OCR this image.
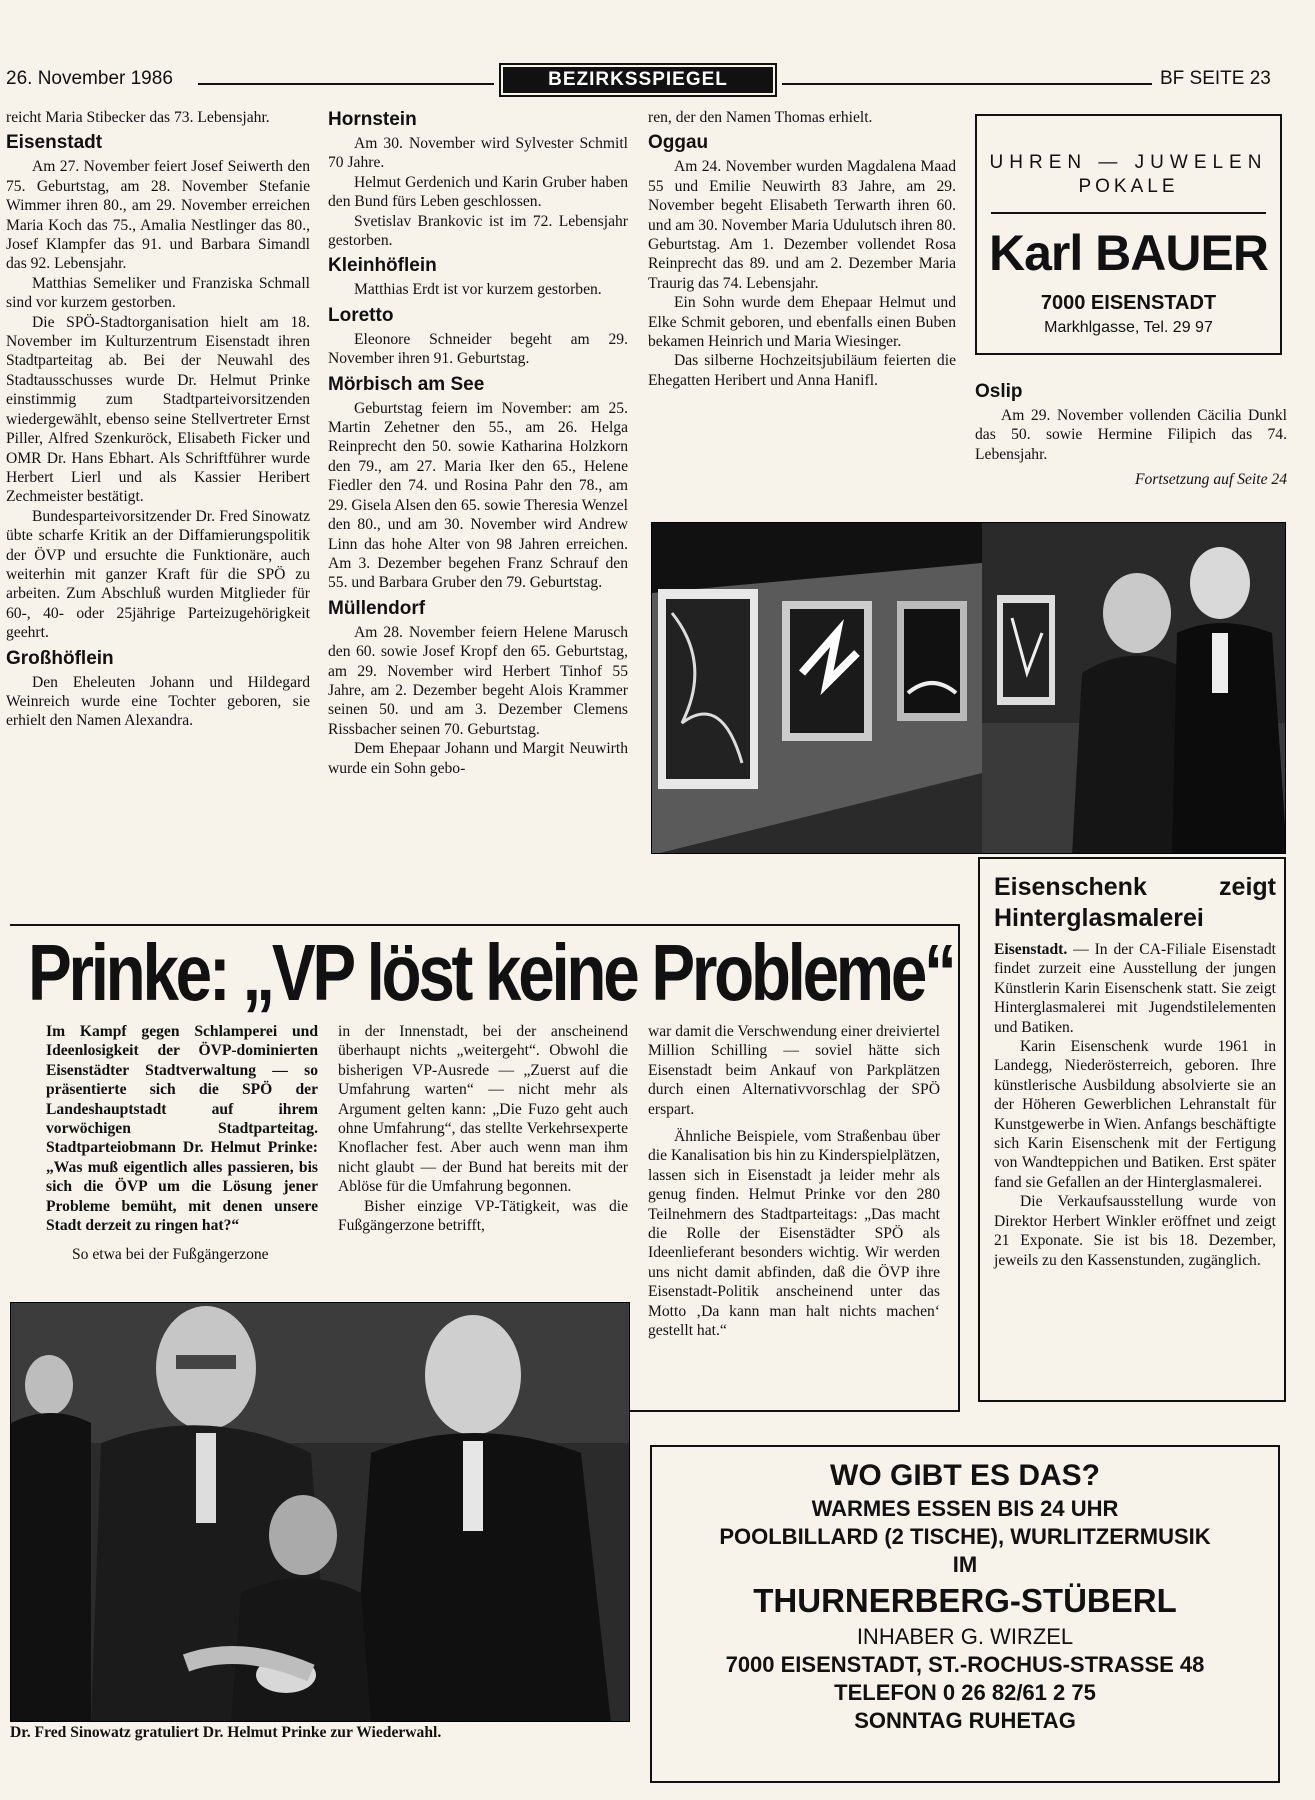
26. November 1986	BEZIRKSSPIEGEL	BF SEITE 23

reicht Maria Stibecker das 73. Lebensjahr.

Eisenstadt

Am 27. November feiert Josef Seiwerth den 75. Geburtstag, am 28. November Stefanie Wimmer ihren 80., am 29. November erreichen Maria Koch das 75., Amalia Nestlinger das 80., Josef Klampfer das 91. und Barbara Simandl das 92. Lebensjahr.

Matthias Semeliker und Franziska Schmall sind vor kurzem gestorben.

Die SPÖ-Stadtorganisation hielt am 18. November im Kulturzentrum Eisenstadt ihren Stadtparteitag ab. Bei der Neuwahl des Stadtausschusses wurde Dr. Helmut Prinke einstimmig zum Stadtparteivorsitzenden wiedergewählt, ebenso seine Stellvertreter Ernst Piller, Alfred Szenkuröck, Elisabeth Ficker und OMR Dr. Hans Ebhart. Als Schriftführer wurde Herbert Lierl und als Kassier Heribert Zechmeister bestätigt.

Bundesparteivorsitzender Dr. Fred Sinowatz übte scharfe Kritik an der Diffamierungspolitik der ÖVP und ersuchte die Funktionäre, auch weiterhin mit ganzer Kraft für die SPÖ zu arbeiten. Zum Abschluß wurden Mitglieder für 60-, 40- oder 25jährige Parteizugehörigkeit geehrt.

Großhöflein

Den Eheleuten Johann und Hildegard Weinreich wurde eine Tochter geboren, sie erhielt den Namen Alexandra.

Hornstein

Am 30. November wird Sylvester Schmitl 70 Jahre.

Helmut Gerdenich und Karin Gruber haben den Bund fürs Leben geschlossen.

Svetislav Brankovic ist im 72. Lebensjahr gestorben.

Kleinhöflein

Matthias Erdt ist vor kurzem gestorben.

Loretto

Eleonore Schneider begeht am 29. November ihren 91. Geburtstag.

Mörbisch am See

Geburtstag feiern im November: am 25. Martin Zehetner den 55., am 26. Helga Reinprecht den 50. sowie Katharina Holzkorn den 79., am 27. Maria Iker den 65., Helene Fiedler den 74. und Rosina Pahr den 78., am 29. Gisela Alsen den 65. sowie Theresia Wenzel den 80., und am 30. November wird Andrew Linn das hohe Alter von 98 Jahren erreichen. Am 3. Dezember begehen Franz Schrauf den 55. und Barbara Gruber den 79. Geburtstag.

Müllendorf

Am 28. November feiern Helene Marusch den 60. sowie Josef Kropf den 65. Geburtstag, am 29. November wird Herbert Tinhof 55 Jahre, am 2. Dezember begeht Alois Krammer seinen 50. und am 3. Dezember Clemens Rissbacher seinen 70. Geburtstag.

Dem Ehepaar Johann und Margit Neuwirth wurde ein Sohn gebo-

ren, der den Namen Thomas erhielt.

Oggau

Am 24. November wurden Magdalena Maad 55 und Emilie Neuwirth 83 Jahre, am 29. November begeht Elisabeth Terwarth ihren 60. und am 30. November Maria Udulutsch ihren 80. Geburtstag. Am 1. Dezember vollendet Rosa Reinprecht das 89. und am 2. Dezember Maria Traurig das 74. Lebensjahr.

Ein Sohn wurde dem Ehepaar Helmut und Elke Schmit geboren, und ebenfalls einen Buben bekamen Heinrich und Maria Wiesinger.

Das silberne Hochzeitsjubiläum feierten die Ehegatten Heribert und Anna Hanifl.

UHREN — JUWELEN
POKALE
Karl BAUER
7000 EISENSTADT
Markhlgasse, Tel. 29 97
Oslip

Am 29. November vollenden Cäcilia Dunkl das 50. sowie Hermine Filipich das 74. Lebensjahr.

Fortsetzung auf Seite 24

Prinke: „VP löst keine Probleme“

Im Kampf gegen Schlamperei und Ideenlosigkeit der ÖVP-dominierten Eisenstädter Stadtverwaltung — so präsentierte sich die SPÖ der Landeshauptstadt auf ihrem vorwöchigen Stadtparteitag. Stadtparteiobmann Dr. Helmut Prinke: „Was muß eigentlich alles passieren, bis sich die ÖVP um die Lösung jener Probleme bemüht, mit denen unsere Stadt derzeit zu ringen hat?“

So etwa bei der Fußgängerzone

in der Innenstadt, bei der anscheinend überhaupt nichts „weitergeht“. Obwohl die bisherigen VP-Ausrede — „Zuerst auf die Umfahrung warten“ — nicht mehr als Argument gelten kann: „Die Fuzo geht auch ohne Umfahrung“, das stellte Verkehrsexperte Knoflacher fest. Aber auch wenn man ihm nicht glaubt — der Bund hat bereits mit der Ablöse für die Umfahrung begonnen.

Bisher einzige VP-Tätigkeit, was die Fußgängerzone betrifft,

war damit die Verschwendung einer dreiviertel Million Schilling — soviel hätte sich Eisenstadt beim Ankauf von Parkplätzen durch einen Alternativvorschlag der SPÖ erspart.

Ähnliche Beispiele, vom Straßenbau über die Kanalisation bis hin zu Kinderspielplätzen, lassen sich in Eisenstadt ja leider mehr als genug finden. Helmut Prinke vor den 280 Teilnehmern des Stadtparteitags: „Das macht die Rolle der Eisenstädter SPÖ als Ideenlieferant besonders wichtig. Wir werden uns nicht damit abfinden, daß die ÖVP ihre Eisenstadt-Politik anscheinend unter das Motto ‚Da kann man halt nichts machen‘ gestellt hat.“

Dr. Fred Sinowatz gratuliert Dr. Helmut Prinke zur Wiederwahl.
Eisenschenk zeigt Hinterglasmalerei

Eisenstadt. — In der CA-Filiale Eisenstadt findet zurzeit eine Ausstellung der jungen Künstlerin Karin Eisenschenk statt. Sie zeigt Hinterglasmalerei mit Jugendstilelementen und Batiken.

Karin Eisenschenk wurde 1961 in Landegg, Niederösterreich, geboren. Ihre künstlerische Ausbildung absolvierte sie an der Höheren Gewerblichen Lehranstalt für Kunstgewerbe in Wien. Anfangs beschäftigte sich Karin Eisenschenk mit der Fertigung von Wandteppichen und Batiken. Erst später fand sie Gefallen an der Hinterglasmalerei.

Die Verkaufsausstellung wurde von Direktor Herbert Winkler eröffnet und zeigt 21 Exponate. Sie ist bis 18. Dezember, jeweils zu den Kassenstunden, zugänglich.

WO GIBT ES DAS?
WARMES ESSEN BIS 24 UHR
POOLBILLARD (2 TISCHE), WURLITZERMUSIK
IM
THURNERBERG-STÜBERL
INHABER G. WIRZEL
7000 EISENSTADT, ST.-ROCHUS-STRASSE 48
TELEFON 0 26 82/61 2 75
SONNTAG RUHETAG
